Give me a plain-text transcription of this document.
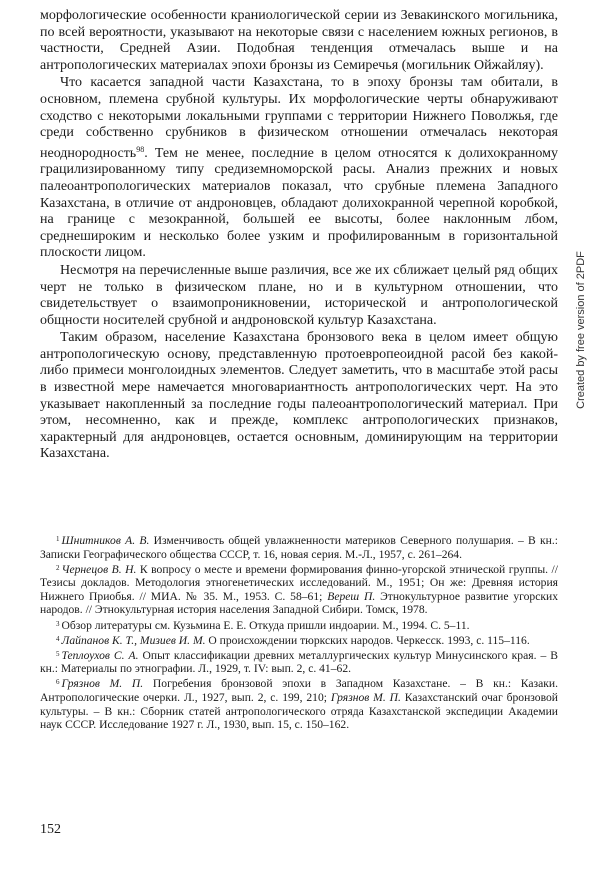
морфологические особенности краниологической серии из Зевакинского могильника, по всей вероятности, указывают на некоторые связи с населением южных регионов, в частности, Средней Азии. Подобная тенденция отмечалась выше и на антропологических материалах эпохи бронзы из Семиречья (могильник Ойжайляу).

Что касается западной части Казахстана, то в эпоху бронзы там обитали, в основном, племена срубной культуры. Их морфологические черты обнаруживают сходство с некоторыми локальными группами с территории Нижнего Поволжья, где среди собственно срубников в физическом отношении отмечалась некоторая неоднородность$^{98}$. Тем не менее, последние в целом относятся к долихокранному грацилизированному типу средиземноморской расы. Анализ прежних и новых палеоантропологических материалов показал, что срубные племена Западного Казахстана, в отличие от андроновцев, обладают долихокранной черепной коробкой, на границе с мезокранной, большей ее высоты, более наклонным лбом, среднешироким и несколько более узким и профилированным в горизонтальной плоскости лицом.

Несмотря на перечисленные выше различия, все же их сближает целый ряд общих черт не только в физическом плане, но и в культурном отношении, что свидетельствует о взаимопроникновении, исторической и антропологической общности носителей срубной и андроновской культур Казахстана.

Таким образом, население Казахстана бронзового века в целом имеет общую антропологическую основу, представленную протоевропеоидной расой без какой-либо примеси монголоидных элементов. Следует заметить, что в масштабе этой расы в известной мере намечается многовариантность антропологических черт. На это указывает накопленный за последние годы палеоантропологический материал. При этом, несомненно, как и прежде, комплекс антропологических признаков, характерный для андроновцев, остается основным, доминирующим на территории Казахстана.

$^1$ Шнитников А. В. Изменчивость общей увлажненности материков Северного полушария. – В кн.: Записки Географического общества СССР, т. 16, новая серия. М.-Л., 1957, с. 261–264.

$^2$ Чернецов В. Н. К вопросу о месте и времени формирования финно-угорской этнической группы. // Тезисы докладов. Методология этногенетических исследований. М., 1951; Он же: Древняя история Нижнего Приобья. // МИА. № 35. М., 1953. С. 58–61; Вереш П. Этнокультурное развитие угорских народов. // Этнокультурная история населения Западной Сибири. Томск, 1978.

$^3$ Обзор литературы см. Кузьмина Е. Е. Откуда пришли индоарии. М., 1994. С. 5–11.

$^4$ Лайпанов К. Т., Мизиев И. М. О происхождении тюркских народов. Черкесск. 1993, с. 115–116.

$^5$ Теплоухов С. А. Опыт классификации древних металлургических культур Минусинского края. – В кн.: Материалы по этнографии. Л., 1929, т. IV: вып. 2, с. 41–62.

$^6$ Грязнов М. П. Погребения бронзовой эпохи в Западном Казахстане. – В кн.: Казаки. Антропологические очерки. Л., 1927, вып. 2, с. 199, 210; Грязнов М. П. Казахстанский очаг бронзовой культуры. – В кн.: Сборник статей антропологического отряда Казахстанской экспедиции Академии наук СССР. Исследование 1927 г. Л., 1930, вып. 15, с. 150–162.

152
Created by free version of 2PDF
